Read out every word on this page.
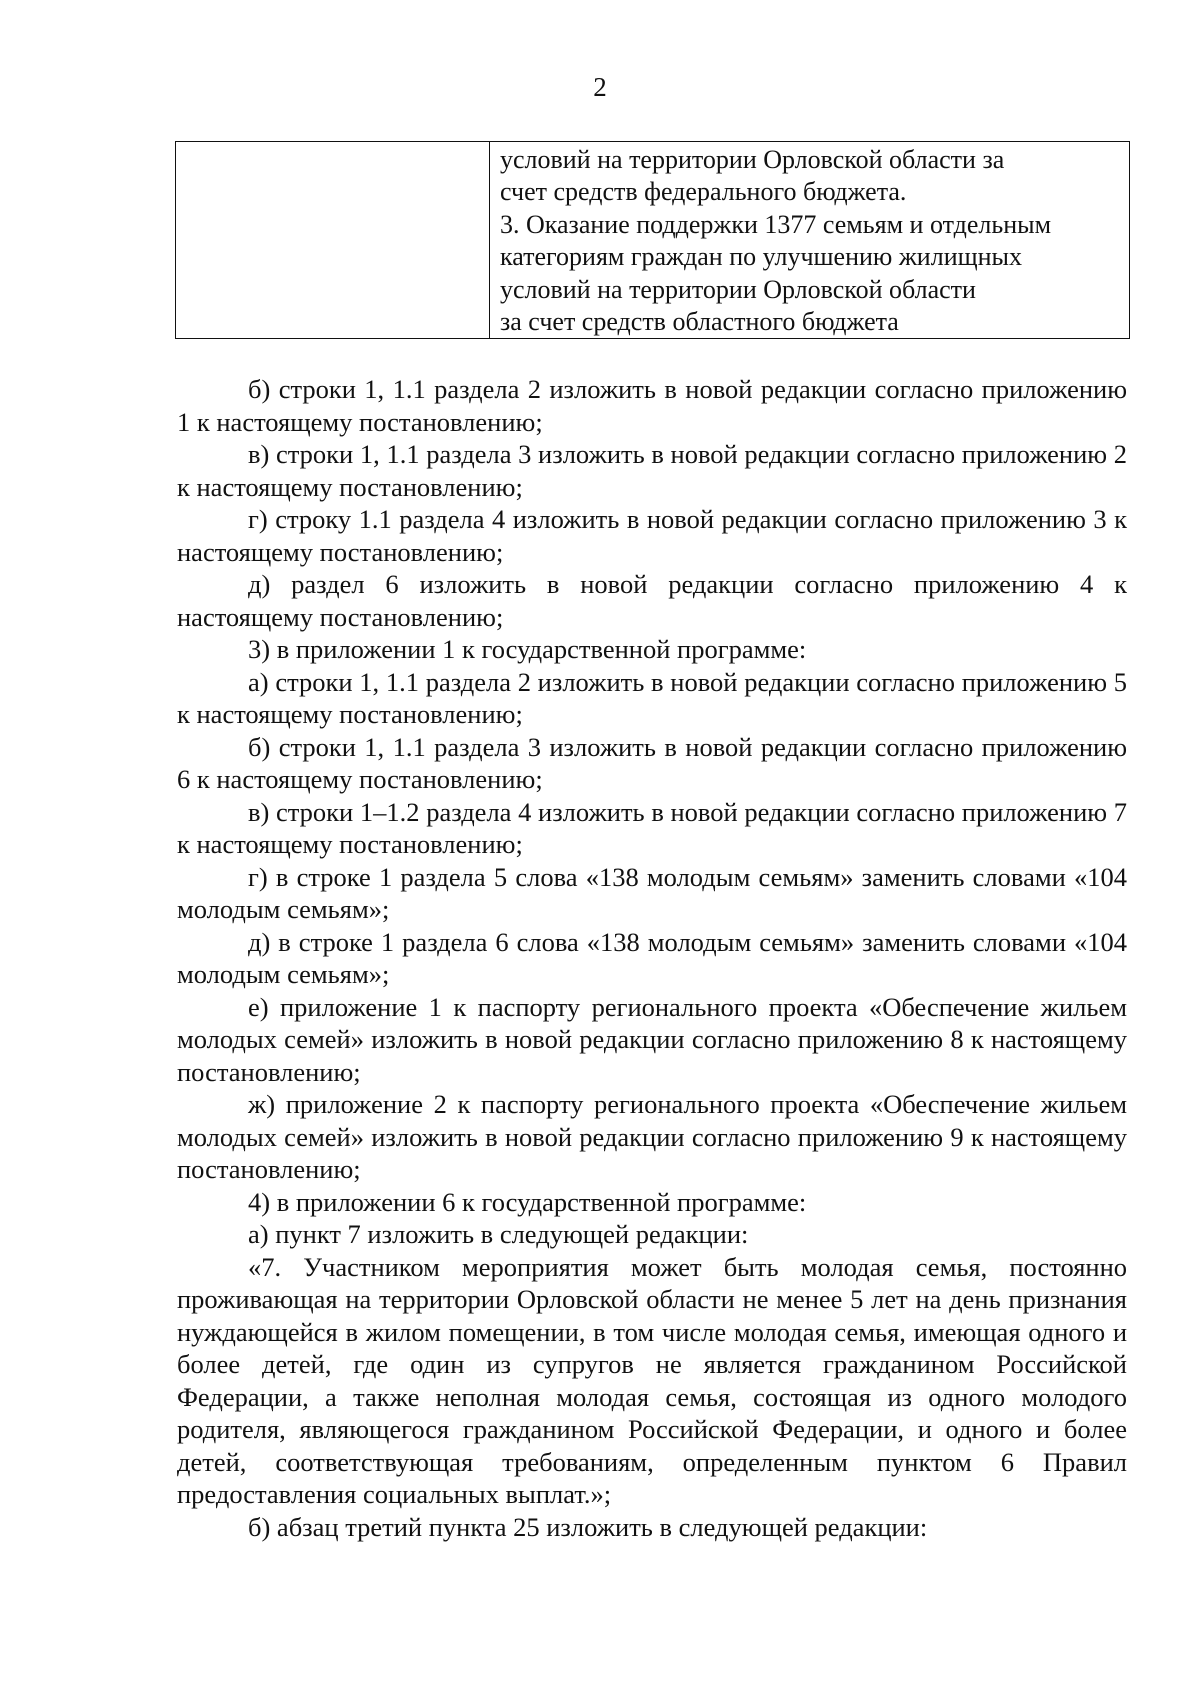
2
условий на территории Орловской области за
счет средств федерального бюджета.
3. Оказание поддержки 1377 семьям и отдельным
категориям граждан по улучшению жилищных
условий на территории Орловской области
за счет средств областного бюджета

б) строки 1, 1.1 раздела 2 изложить в новой редакции согласно приложению 1 к настоящему постановлению;

в) строки 1, 1.1 раздела 3 изложить в новой редакции согласно приложению 2 к настоящему постановлению;

г) строку 1.1 раздела 4 изложить в новой редакции согласно приложению 3 к настоящему постановлению;

д) раздел 6 изложить в новой редакции согласно приложению 4 к настоящему постановлению;

3) в приложении 1 к государственной программе:

а) строки 1, 1.1 раздела 2 изложить в новой редакции согласно приложению 5 к настоящему постановлению;

б) строки 1, 1.1 раздела 3 изложить в новой редакции согласно приложению 6 к настоящему постановлению;

в) строки 1–1.2 раздела 4 изложить в новой редакции согласно приложению 7 к настоящему постановлению;

г) в строке 1 раздела 5 слова «138 молодым семьям» заменить словами «104 молодым семьям»;

д) в строке 1 раздела 6 слова «138 молодым семьям» заменить словами «104 молодым семьям»;

е) приложение 1 к паспорту регионального проекта «Обеспечение жильем молодых семей» изложить в новой редакции согласно приложению 8 к настоящему постановлению;

ж) приложение 2 к паспорту регионального проекта «Обеспечение жильем молодых семей» изложить в новой редакции согласно приложению 9 к настоящему постановлению;

4) в приложении 6 к государственной программе:

а) пункт 7 изложить в следующей редакции:

«7. Участником мероприятия может быть молодая семья, постоянно проживающая на территории Орловской области не менее 5 лет на день признания нуждающейся в жилом помещении, в том числе молодая семья, имеющая одного и более детей, где один из супругов не является гражданином Российской Федерации, а также неполная молодая семья, состоящая из одного молодого родителя, являющегося гражданином Российской Федерации, и одного и более детей, соответствующая требованиям, определенным пунктом 6 Правил предоставления социальных выплат.»;

б) абзац третий пункта 25 изложить в следующей редакции:
